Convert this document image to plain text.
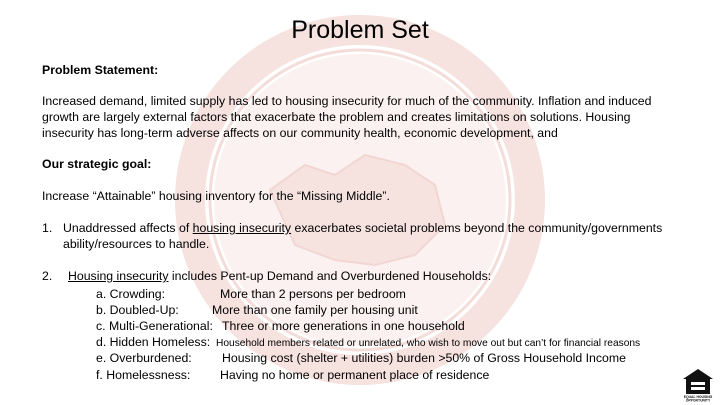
Problem Set
Problem Statement:
Increased demand, limited supply has led to housing insecurity for much of the community. Inflation and induced
growth are largely external factors that exacerbate the problem and creates limitations on solutions. Housing
insecurity has long-term adverse affects on our community health, economic development, and
Our strategic goal:
Increase “Attainable” housing inventory for the “Missing Middle”.
1. Unaddressed affects of housing insecurity exacerbates societal problems beyond the community/governments
ability/resources to handle.
2. Housing insecurity includes Pent-up Demand and Overburdened Households:
a. Crowding:	More than 2 persons per bedroom
b. Doubled-Up:	More than one family per housing unit
c. Multi-Generational: Three or more generations in one household
d. Hidden Homeless: Household members related or unrelated, who wish to move out but can’t for financial reasons
e. Overburdened: Housing cost (shelter + utilities) burden >50% of Gross Household Income
f. Homelessness: Having no home or permanent place of residence
EQUAL HOUSING
OPPORTUNITY
